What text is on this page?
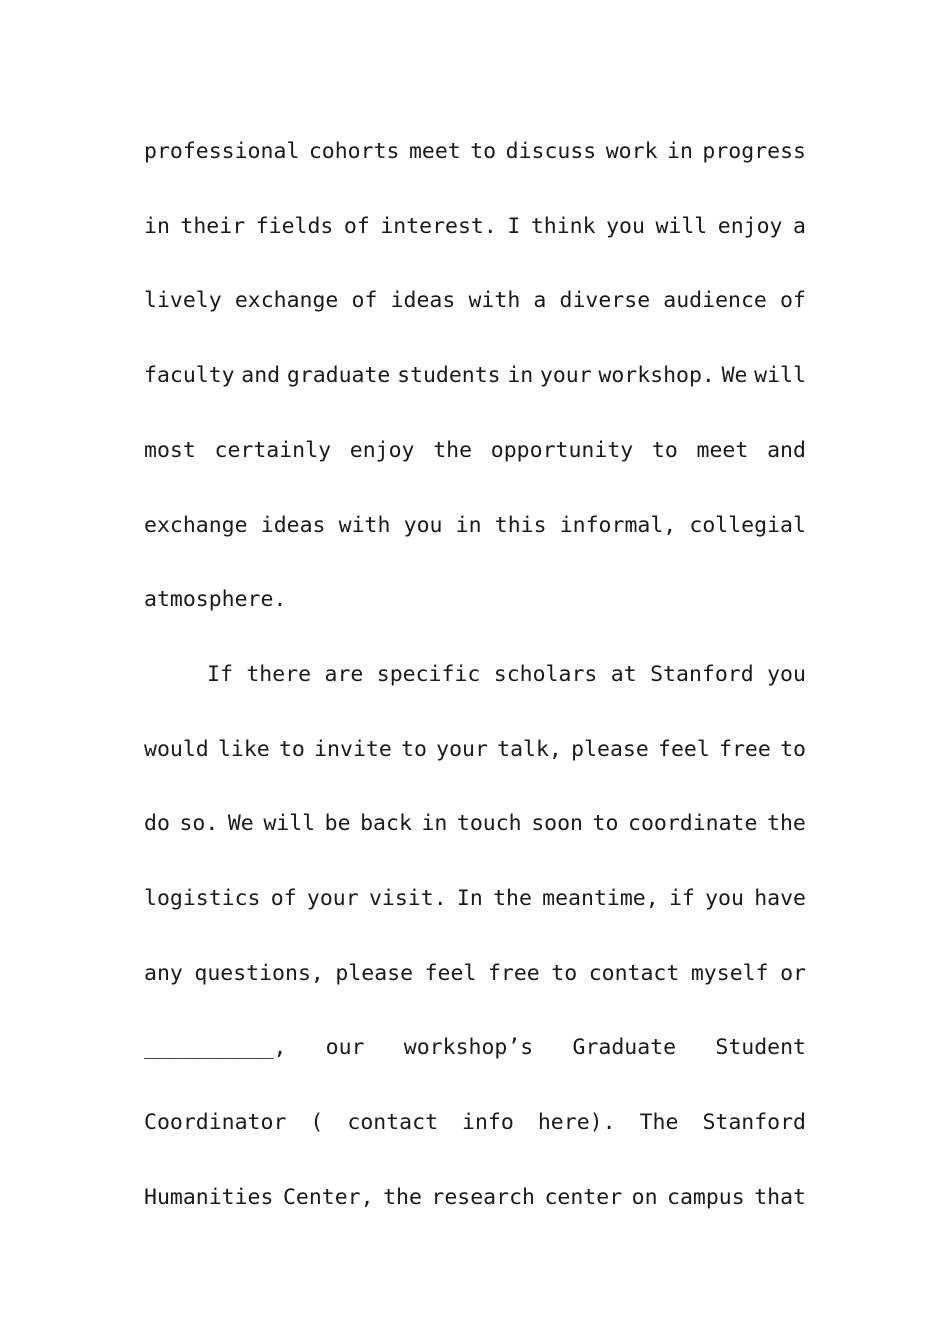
professional cohorts meet to discuss work in progress
in their fields of interest. I think you will enjoy a
lively exchange of ideas with a diverse audience of
faculty and graduate students in your workshop. We will
most certainly enjoy the opportunity to meet and
exchange ideas with you in this informal, collegial
atmosphere.
If there are specific scholars at Stanford you
would like to invite to your talk, please feel free to
do so. We will be back in touch soon to coordinate the
logistics of your visit. In the meantime, if you have
any questions, please feel free to contact myself or
__________, our workshop’s Graduate Student
Coordinator ( contact info here). The Stanford
Humanities Center, the research center on campus that
